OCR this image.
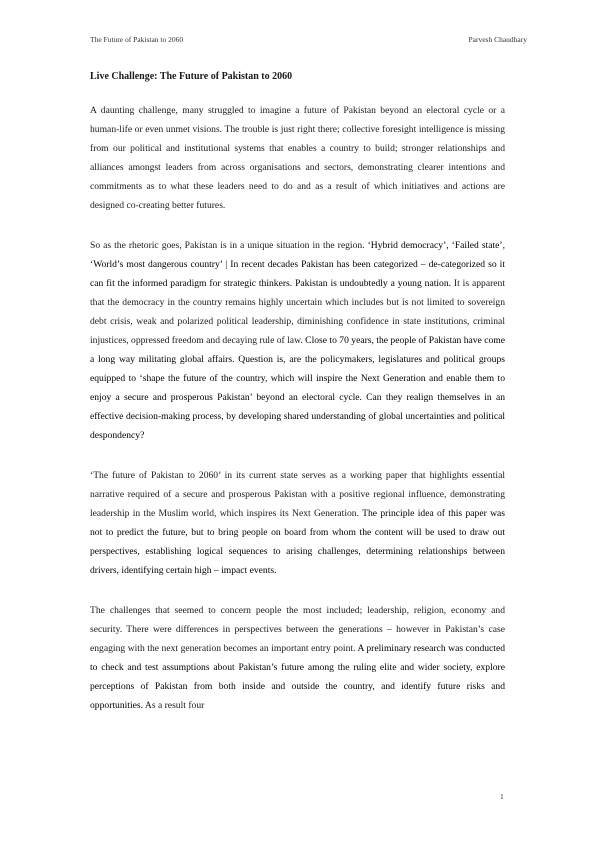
The Future of Pakistan to 2060	Parvesh Chaudhary
Live Challenge: The Future of Pakistan to 2060

A daunting challenge, many struggled to imagine a future of Pakistan beyond an electoral cycle or a human-life or even unmet visions. The trouble is just right there; collective foresight intelligence is missing from our political and institutional systems that enables a country to build; stronger relationships and alliances amongst leaders from across organisations and sectors, demonstrating clearer intentions and commitments as to what these leaders need to do and as a result of which initiatives and actions are designed co-creating better futures.

So as the rhetoric goes, Pakistan is in a unique situation in the region. ‘Hybrid democracy’, ‘Failed state’, ‘World’s most dangerous country’ | In recent decades Pakistan has been categorized – de-categorized so it can fit the informed paradigm for strategic thinkers. Pakistan is undoubtedly a young nation. It is apparent that the democracy in the country remains highly uncertain which includes but is not limited to sovereign debt crisis, weak and polarized political leadership, diminishing confidence in state institutions, criminal injustices, oppressed freedom and decaying rule of law. Close to 70 years, the people of Pakistan have come a long way militating global affairs. Question is, are the policymakers, legislatures and political groups equipped to ‘shape the future of the country, which will inspire the Next Generation and enable them to enjoy a secure and prosperous Pakistan’ beyond an electoral cycle. Can they realign themselves in an effective decision-making process, by developing shared understanding of global uncertainties and political despondency?

‘The future of Pakistan to 2060’ in its current state serves as a working paper that highlights essential narrative required of a secure and prosperous Pakistan with a positive regional influence, demonstrating leadership in the Muslim world, which inspires its Next Generation. The principle idea of this paper was not to predict the future, but to bring people on board from whom the content will be used to draw out perspectives, establishing logical sequences to arising challenges, determining relationships between drivers, identifying certain high – impact events.

The challenges that seemed to concern people the most included; leadership, religion, economy and security. There were differences in perspectives between the generations – however in Pakistan’s case engaging with the next generation becomes an important entry point. A preliminary research was conducted to check and test assumptions about Pakistan’s future among the ruling elite and wider society, explore perceptions of Pakistan from both inside and outside the country, and identify future risks and opportunities. As a result four

1
